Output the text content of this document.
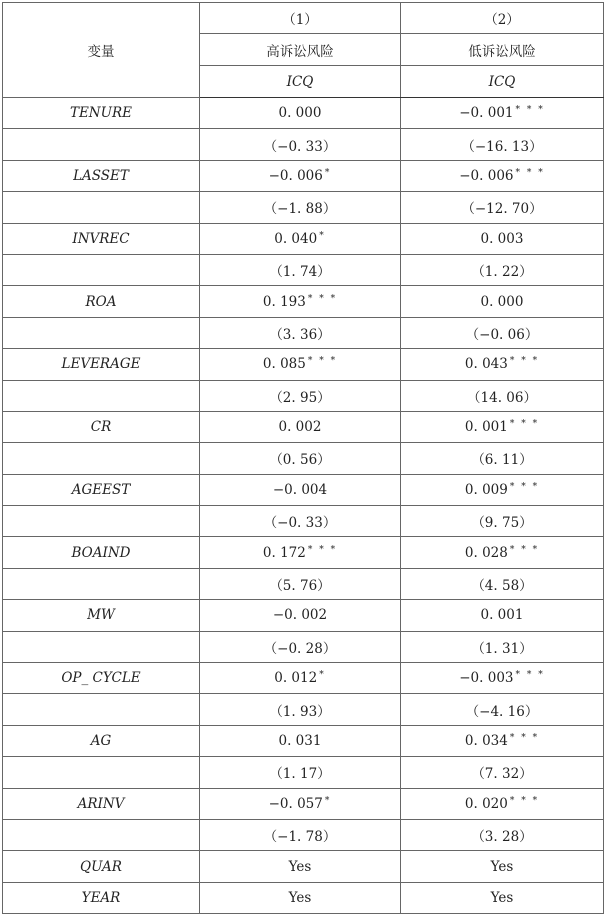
变量	（1）	（2）
	高诉讼风险	低诉讼风险
	ICQ	ICQ
TENURE	0. 000	−0. 001 * * *
	（−0. 33）	（−16. 13）
LASSET	−0. 006 *	−0. 006 * * *
	（−1. 88）	（−12. 70）
INVREC	0. 040 *	0. 003
	（1. 74）	（1. 22）
ROA	0. 193 * * *	0. 000
	（3. 36）	（−0. 06）
LEVERAGE	0. 085 * * *	0. 043 * * *
	（2. 95）	（14. 06）
CR	0. 002	0. 001 * * *
	（0. 56）	（6. 11）
AGEEST	−0. 004	0. 009 * * *
	（−0. 33）	（9. 75）
BOAIND	0. 172 * * *	0. 028 * * *
	（5. 76）	（4. 58）
MW	−0. 002	0. 001
	（−0. 28）	（1. 31）
OP_ CYCLE	0. 012 *	−0. 003 * * *
	（1. 93）	（−4. 16）
AG	0. 031	0. 034 * * *
	（1. 17）	（7. 32）
ARINV	−0. 057 *	0. 020 * * *
	（−1. 78）	（3. 28）
QUAR	Yes	Yes
YEAR	Yes	Yes
